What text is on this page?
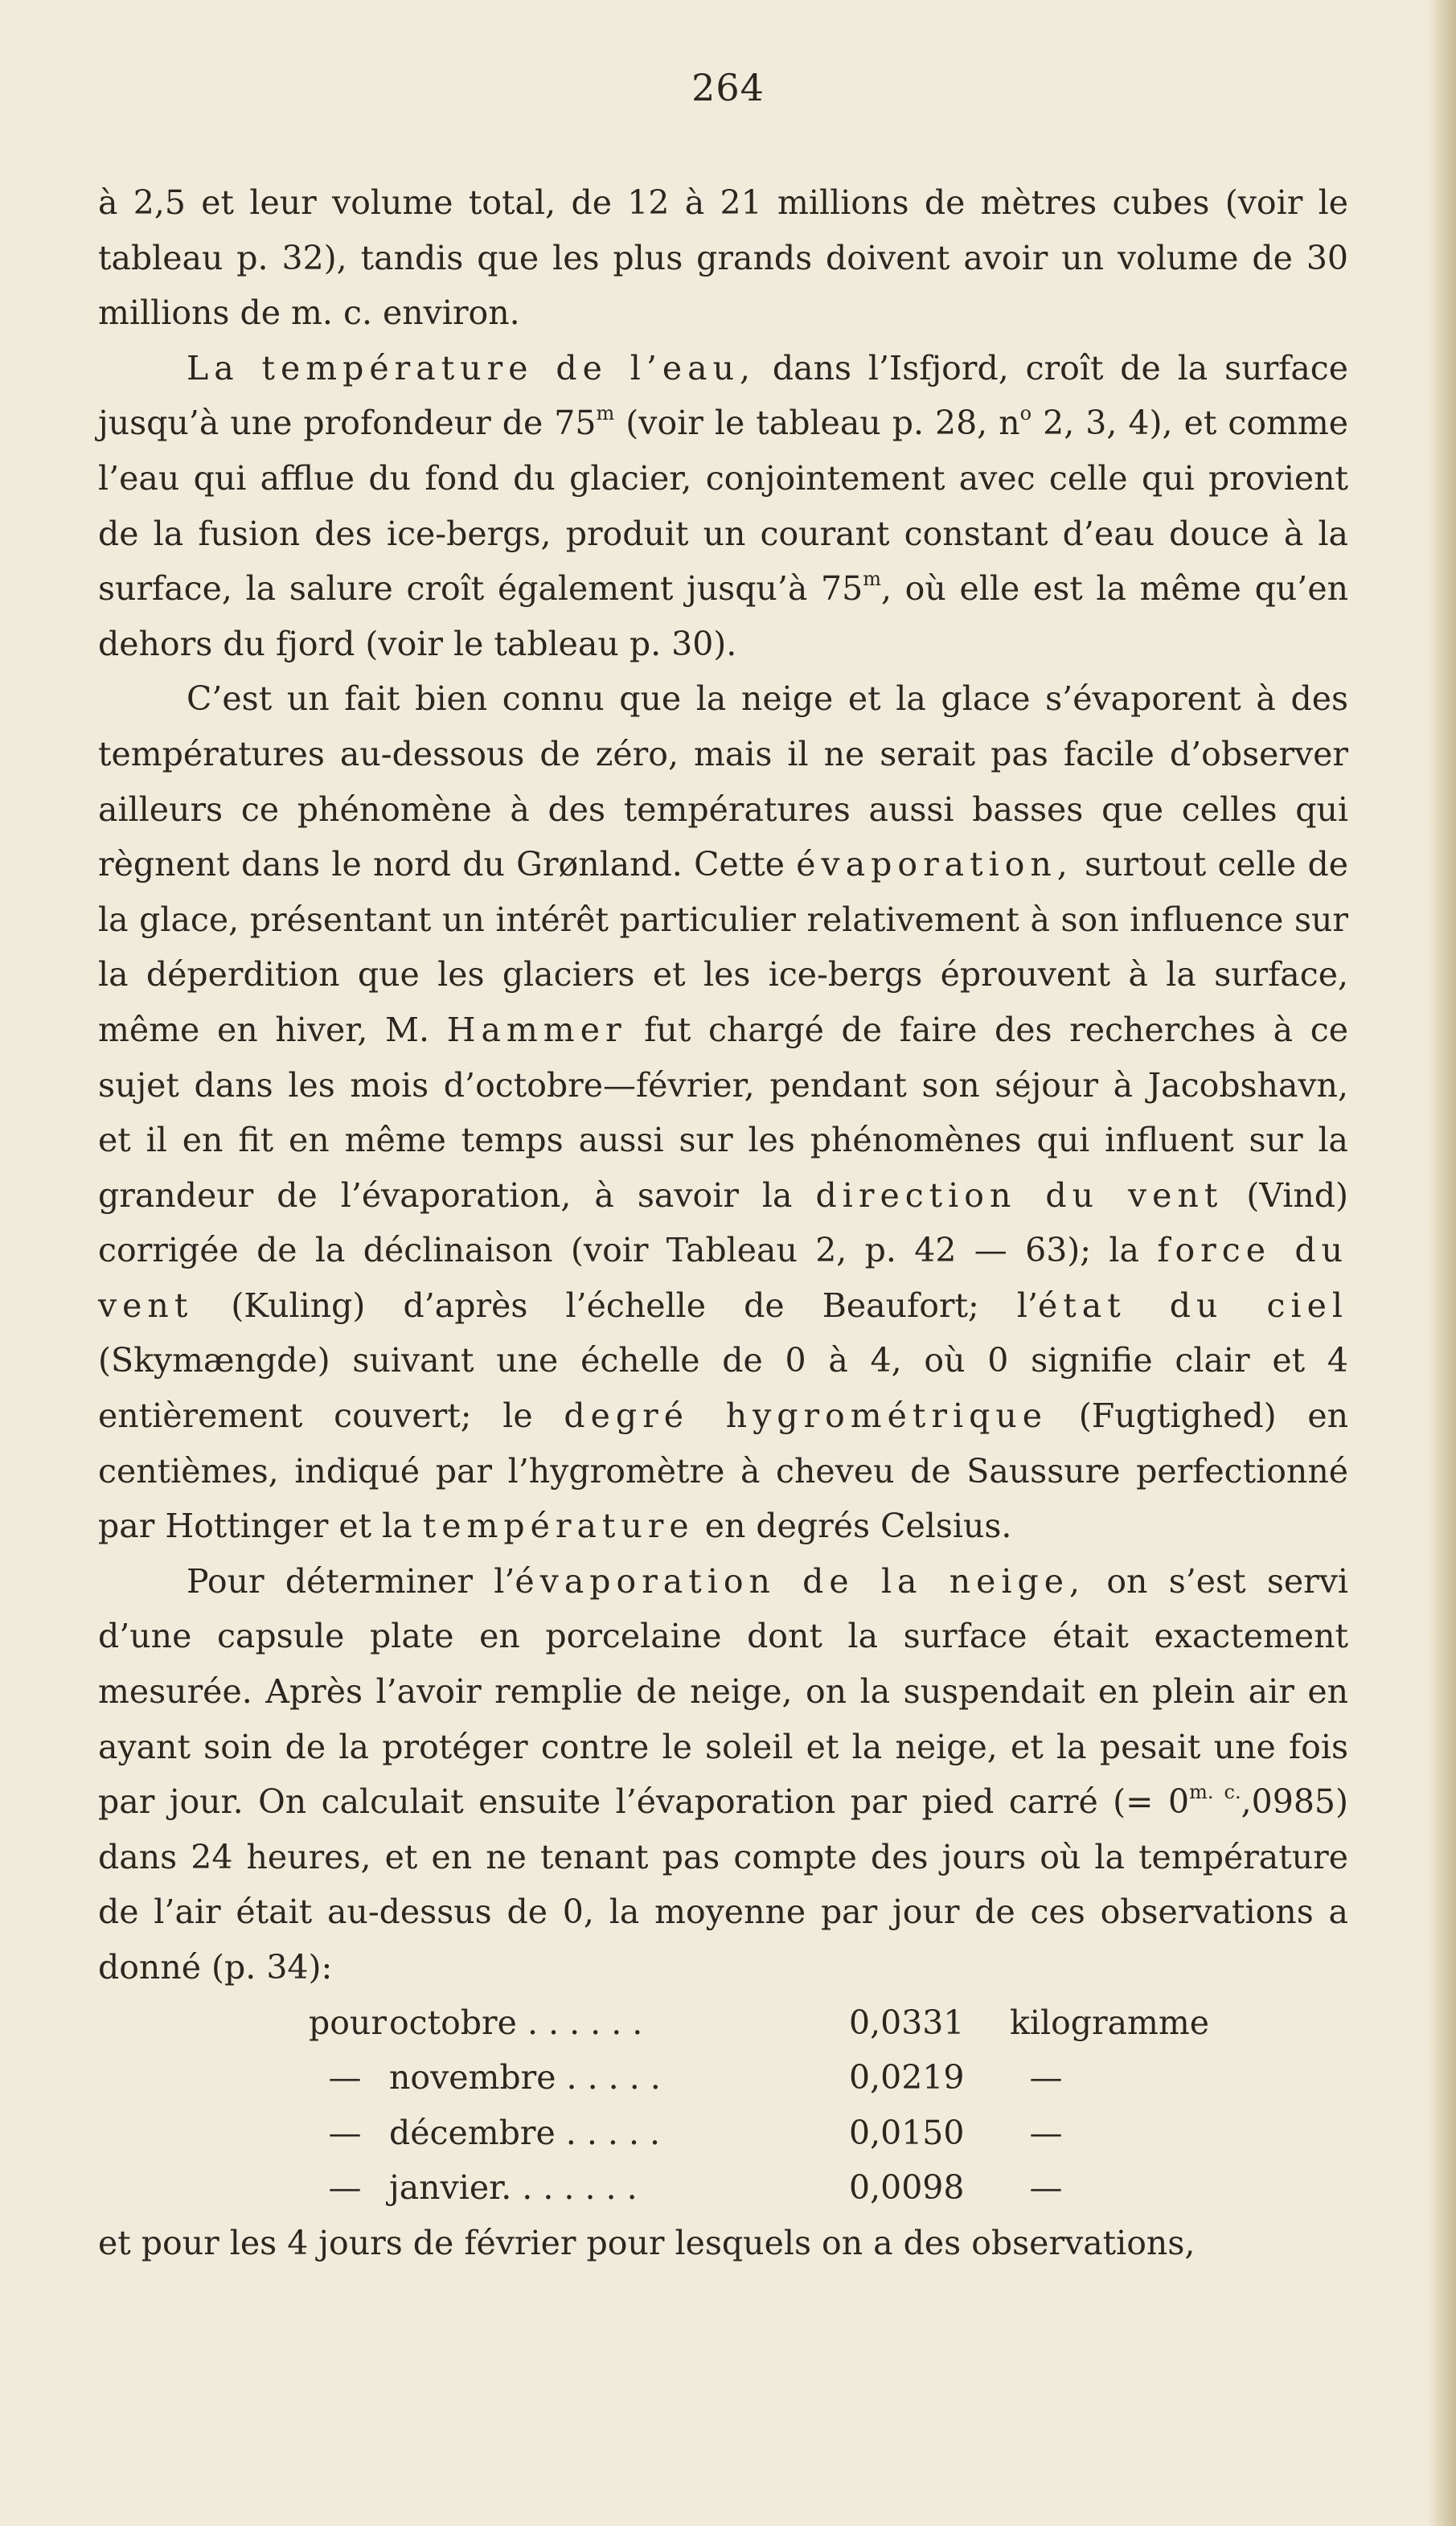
264

à 2,5 et leur volume total, de 12 à 21 millions de mètres cubes (voir le tableau p. 32), tandis que les plus grands doivent avoir un volume de 30 millions de m. c. environ.

La température de l’eau, dans l’Isfjord, croît de la surface jusqu’à une profondeur de 75$^m$ (voir le tableau p. 28, $n^o$ 2, 3, 4), et comme l’eau qui afflue du fond du glacier, conjointement avec celle qui provient de la fusion des ice-bergs, produit un courant constant d’eau douce à la surface, la salure croît également jusqu’à 75$^m$, où elle est la même qu’en dehors du fjord (voir le tableau p. 30).

C’est un fait bien connu que la neige et la glace s’évaporent à des températures au-dessous de zéro, mais il ne serait pas facile d’observer ailleurs ce phénomène à des températures aussi basses que celles qui règnent dans le nord du Grønland. Cette évaporation, surtout celle de la glace, présentant un intérêt particulier relativement à son influence sur la déperdition que les glaciers et les ice-bergs éprouvent à la surface, même en hiver, M. Hammer fut chargé de faire des recherches à ce sujet dans les mois d’octobre—février, pendant son séjour à Jacobshavn, et il en fit en même temps aussi sur les phénomènes qui influent sur la grandeur de l’évaporation, à savoir la direction du vent (Vind) corrigée de la déclinaison (voir Tableau 2, p. 42 — 63); la force du vent (Kuling) d’après l’échelle de Beaufort; l’état du ciel (Skymængde) suivant une échelle de 0 à 4, où 0 signifie clair et 4 entièrement couvert; le degré hygrométrique (Fugtighed) en centièmes, indiqué par l’hygromètre à cheveu de Saussure perfectionné par Hottinger et la température en degrés Celsius.

Pour déterminer l’évaporation de la neige, on s’est servi d’une capsule plate en porcelaine dont la surface était exactement mesurée. Après l’avoir remplie de neige, on la suspendait en plein air en ayant soin de la protéger contre le soleil et la neige, et la pesait une fois par jour. On calculait ensuite l’évaporation par pied carré (= $0^{m. c.},0985$) dans 24 heures, et en ne tenant pas compte des jours où la température de l’air était au-dessus de 0, la moyenne par jour de ces observations a donné (p. 34):

pour	octobre . . . . . .	0,0331	kilogramme
—	novembre . . . . .	0,0219	—
—	décembre . . . . .	0,0150	—
—	janvier. . . . . . .	0,0098	—

et pour les 4 jours de février pour lesquels on a des observations,
